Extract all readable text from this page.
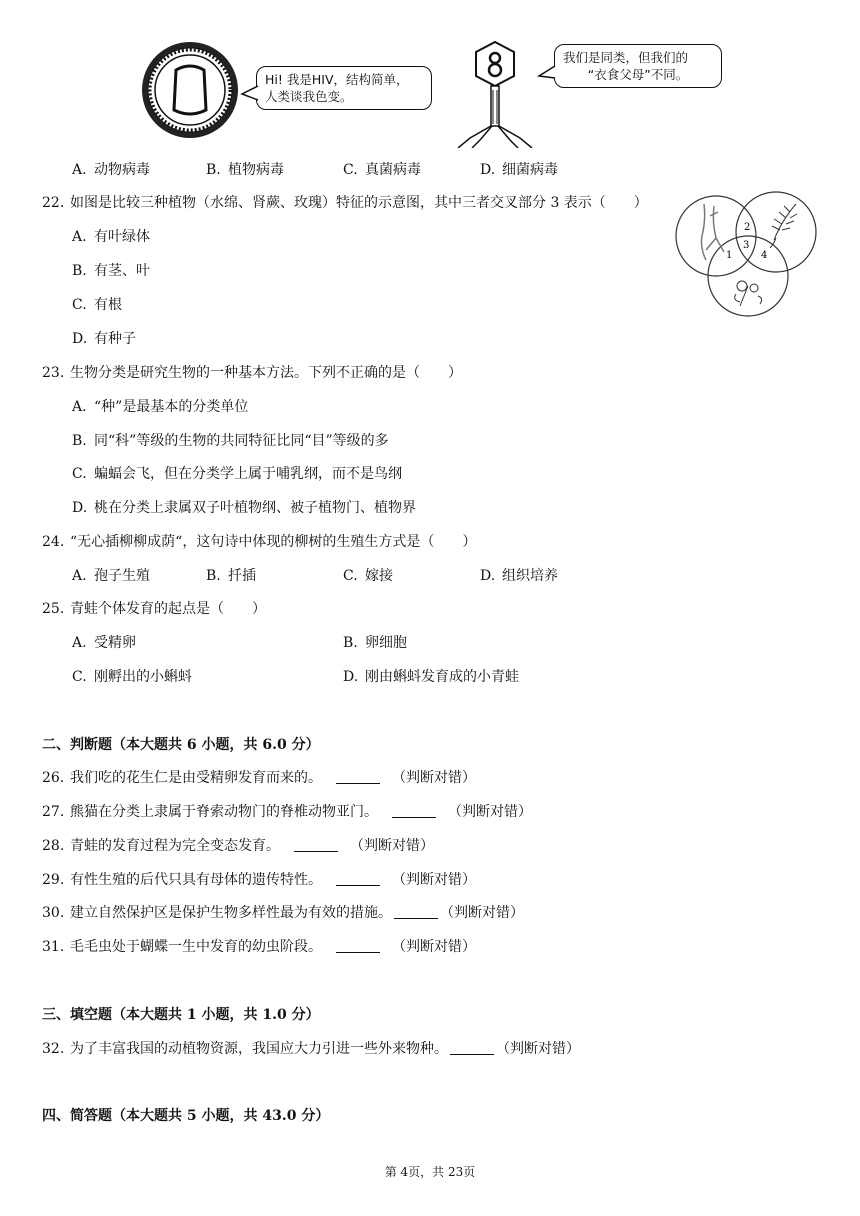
Hi! 我是HIV，结构简单，
人类谈我色变。
我们是同类，但我们的
“衣食父母”不同。
A. 动物病毒	B. 植物病毒	C. 真菌病毒	D. 细菌病毒
22. 如图是比较三种植物（水绵、肾蕨、玫瑰）特征的示意图，其中三者交叉部分 3 表示（　　）
A. 有叶绿体
B. 有茎、叶
C. 有根
D. 有种子
1
2
3
4
23. 生物分类是研究生物的一种基本方法。下列不正确的是（　　）
A. “种”是最基本的分类单位
B. 同“科”等级的生物的共同特征比同“目”等级的多
C. 蝙蝠会飞，但在分类学上属于哺乳纲，而不是鸟纲
D. 桃在分类上隶属双子叶植物纲、被子植物门、植物界
24. “无心插柳柳成荫“，这句诗中体现的柳树的生殖生方式是（　　）
A. 孢子生殖	B. 扦插	C. 嫁接	D. 组织培养
25. 青蛙个体发育的起点是（　　）
A. 受精卵	B. 卵细胞
C. 刚孵出的小蝌蚪	D. 刚由蝌蚪发育成的小青蛙
二、判断题（本大题共 6 小题，共 6.0 分）
26. 我们吃的花生仁是由受精卵发育而来的。	（判断对错）
27. 熊猫在分类上隶属于脊索动物门的脊椎动物亚门。	（判断对错）
28. 青蛙的发育过程为完全变态发育。	（判断对错）
29. 有性生殖的后代只具有母体的遗传特性。	（判断对错）
30. 建立自然保护区是保护生物多样性最为有效的措施。	（判断对错）
31. 毛毛虫处于蝴蝶一生中发育的幼虫阶段。	（判断对错）
三、填空题（本大题共 1 小题，共 1.0 分）
32. 为了丰富我国的动植物资源，我国应大力引进一些外来物种。	（判断对错）
四、简答题（本大题共 5 小题，共 43.0 分）
第 4页，共 23页
